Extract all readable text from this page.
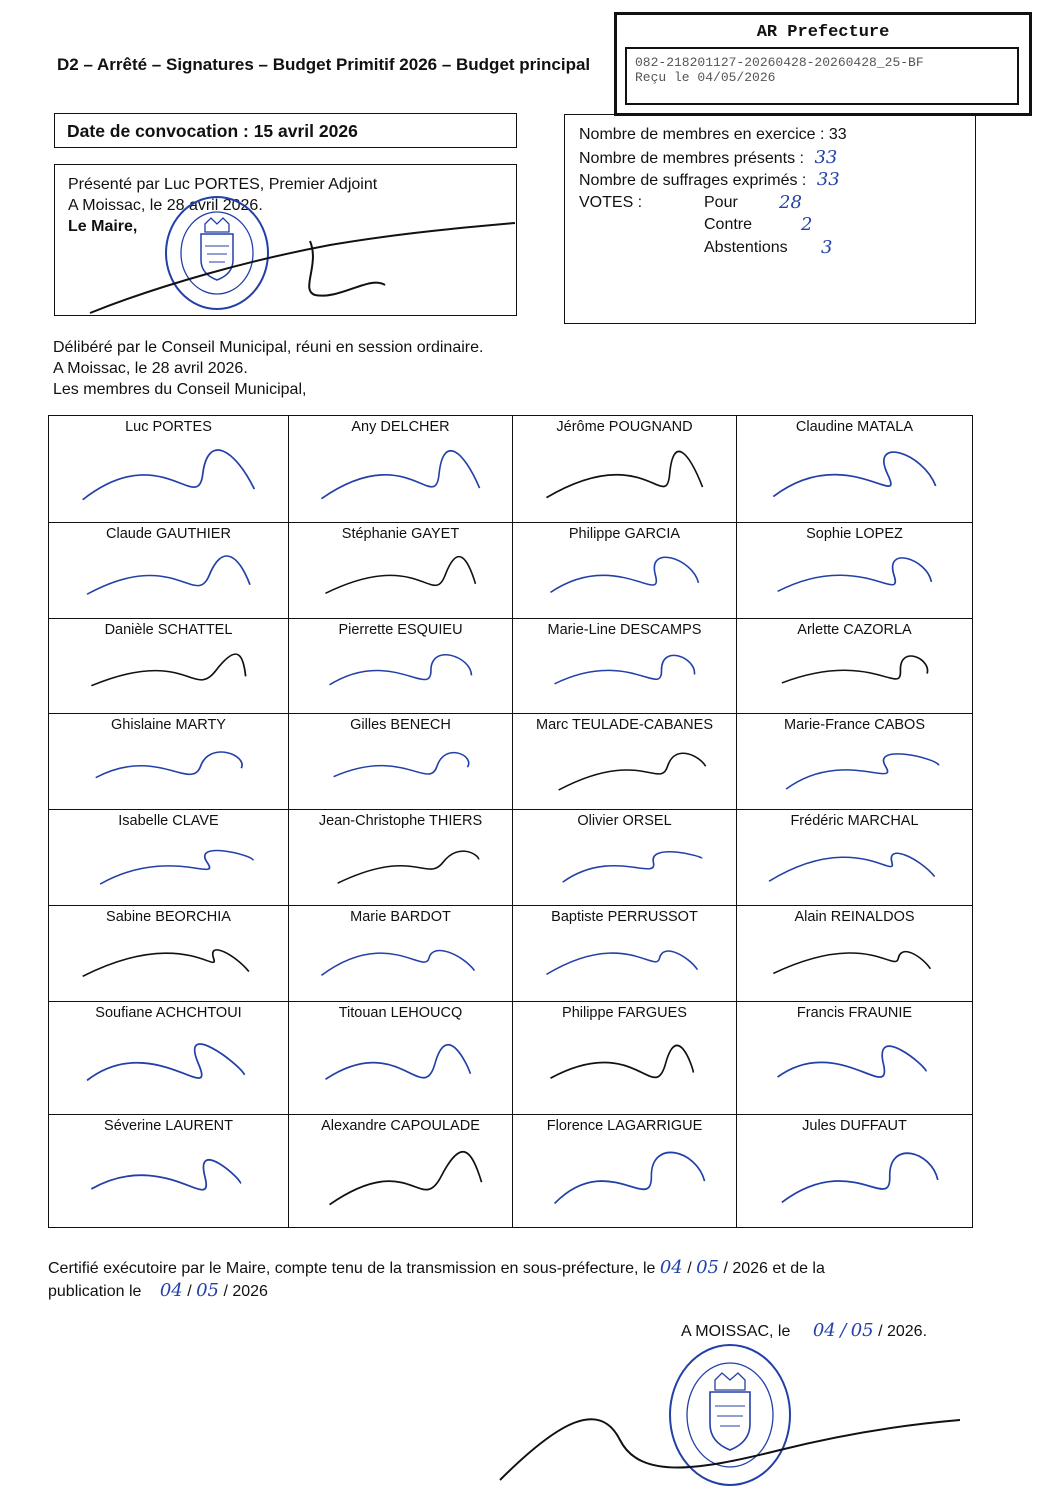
D2 – Arrêté – Signatures – Budget Primitif 2026 – Budget principal
AR Prefecture
082-218201127-20260428-20260428_25-BF
Reçu le 04/05/2026
Date de convocation : 15 avril 2026
Présenté par Luc PORTES, Premier Adjoint
A Moissac, le 28 avril 2026.
Le Maire,
Nombre de membres en exercice : 33
Nombre de membres présents : 33
Nombre de suffrages exprimés : 33
VOTES :	Pour 28
Contre	2
Abstentions 3
Délibéré par le Conseil Municipal, réuni en session ordinaire.
A Moissac, le 28 avril 2026.
Les membres du Conseil Municipal,
Luc PORTES	Any DELCHER	Jérôme POUGNAND	Claudine MATALA

Claude GAUTHIER	Stéphanie GAYET	Philippe GARCIA	Sophie LOPEZ

Danièle SCHATTEL	Pierrette ESQUIEU	Marie-Line DESCAMPS	Arlette CAZORLA

Ghislaine MARTY	Gilles BENECH	Marc TEULADE-CABANES	Marie-France CABOS

Isabelle CLAVE	Jean-Christophe THIERS	Olivier ORSEL	Frédéric MARCHAL

Sabine BEORCHIA	Marie BARDOT	Baptiste PERRUSSOT	Alain REINALDOS

Soufiane ACHCHTOUI	Titouan LEHOUCQ	Philippe FARGUES	Francis FRAUNIE

Séverine LAURENT	Alexandre CAPOULADE	Florence LAGARRIGUE	Jules DUFFAUT
Certifié exécutoire par le Maire, compte tenu de la transmission en sous-préfecture, le 04 / 05 / 2026 et de la
publication le 04 / 05 / 2026
A MOISSAC, le 04 / 05 / 2026.
